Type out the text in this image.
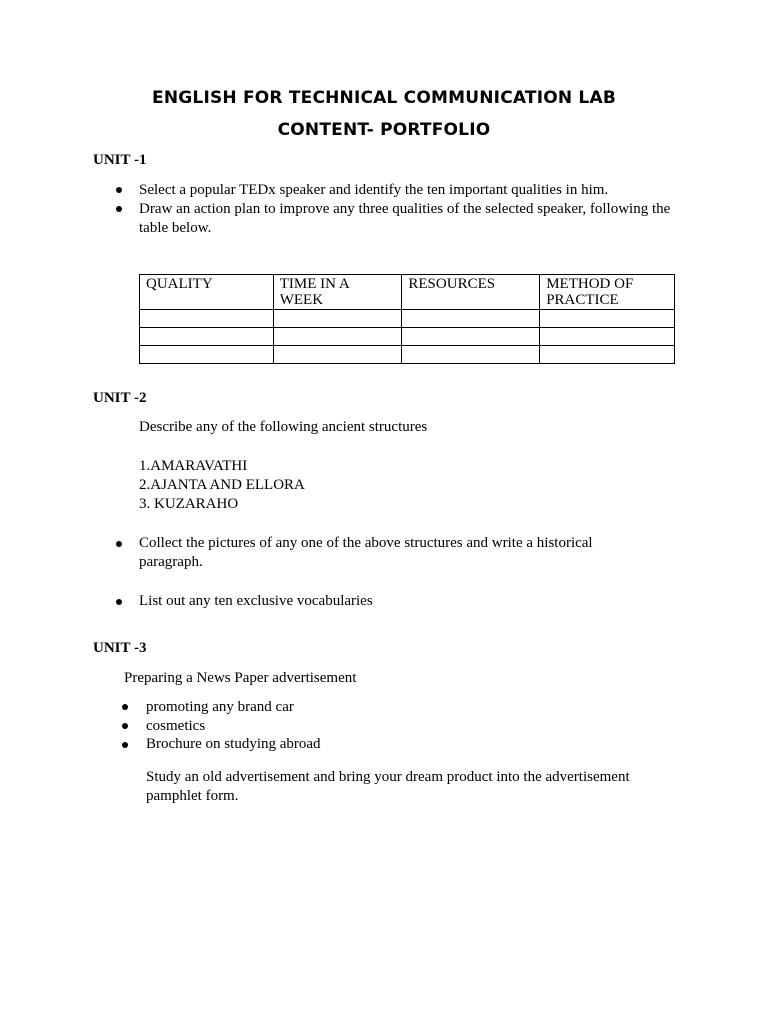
ENGLISH FOR TECHNICAL COMMUNICATION LAB
CONTENT- PORTFOLIO
UNIT -1
Select a popular TEDx speaker and identify the ten important qualities in him.
Draw an action plan to improve any three qualities of the selected speaker, following the table below.
QUALITY	TIME IN A WEEK	RESOURCES	METHOD OF PRACTICE

UNIT -2
Describe any of the following ancient structures
1.AMARAVATHI
2.AJANTA AND ELLORA
3. KUZARAHO
Collect the pictures of any one of the above structures and write a historical paragraph.
List out any ten exclusive vocabularies
UNIT -3
Preparing a News Paper advertisement
promoting any brand car
cosmetics
Brochure on studying abroad
Study an old advertisement and bring your dream product into the advertisement pamphlet form.
